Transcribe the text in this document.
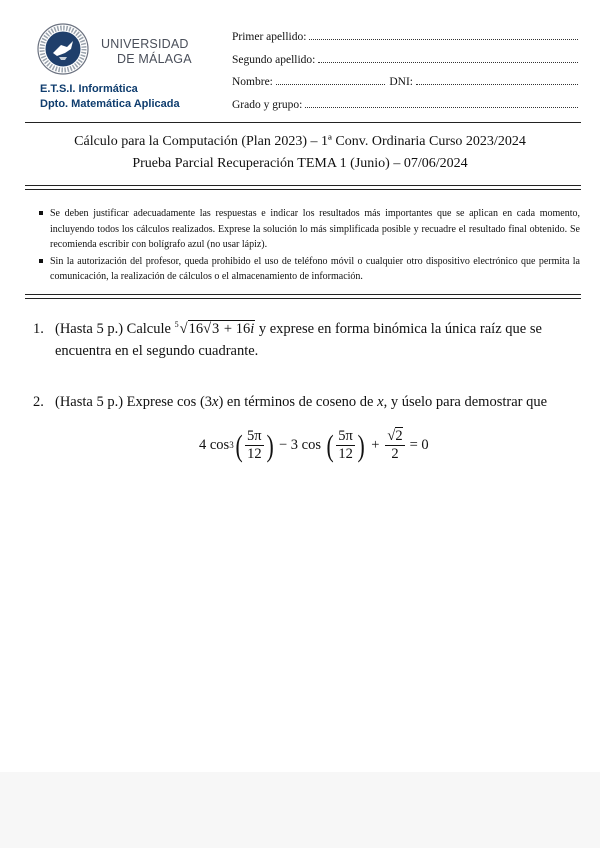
UNIVERSIDAD
DE MÁLAGA
E.T.S.I. Informática
Dpto. Matemática Aplicada
Primer apellido:
Segundo apellido:
Nombre:	DNI:
Grado y grupo:
Cálculo para la Computación (Plan 2023) – 1ª Conv. Ordinaria Curso 2023/2024
Prueba Parcial Recuperación TEMA 1 (Junio) – 07/06/2024
Se deben justificar adecuadamente las respuestas e indicar los resultados más importantes que se aplican en cada momento, incluyendo todos los cálculos realizados. Exprese la solución lo más simplificada posible y recuadre el resultado final obtenido. Se recomienda escribir con bolígrafo azul (no usar lápiz).
Sin la autorización del profesor, queda prohibido el uso de teléfono móvil o cualquier otro dispositivo electrónico que permita la comunicación, la realización de cálculos o el almacenamiento de información.
1. (Hasta 5 p.) Calcule 5 √16√3 + 16i y exprese en forma binómica la única raíz que se encuentra en el segundo cuadrante.
2. (Hasta 5 p.) Exprese cos (3x) en términos de coseno de x, y úselo para demostrar que
4 cos 3 ( $\frac{5\pi}{12}$ ) − 3 cos ( $\frac{5\pi}{12}$ ) + $\frac{√2}{2} = 0$
